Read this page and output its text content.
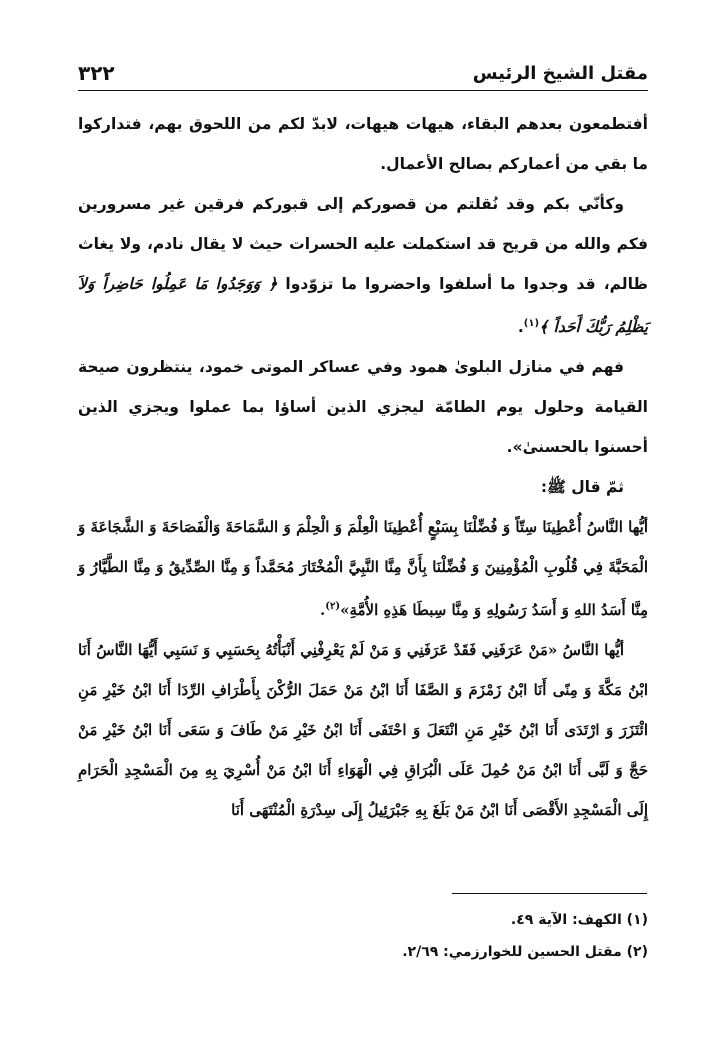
مقتل الشيخ الرئيس
٣٢٢

أفتطمعون بعدهم البقاء، هيهات هيهات، لابدّ لكم من اللحوق بهم، فتداركوا ما بقي من أعماركم بصالح الأعمال.

وكأنّي بكم وقد نُقلتم من قصوركم إلى قبوركم فرقين غير مسرورين فكم والله من قريح قد استكملت عليه الحسرات حيث لا يقال نادم، ولا يغاث ظالم، قد وجدوا ما أسلفوا واحضروا ما تزوّدوا ﴿ وَوَجَدُوا مَا عَمِلُوا حَاضِراً وَلاَ يَظْلِمُ رَبُّكَ أَحَداً ﴾$^{(١)}$.

فهم في منازل البلوىٰ همود وفي عساكر الموتى خمود، ينتظرون صيحة القيامة وحلول يوم الطامّة ليجزي الذين أساؤا بما عملوا ويجزي الذين أحسنوا بالحسنىٰ».

ثمّ قال ﷺ:

أيُّها النَّاسُ أُعْطِينَا سِتّاً وَ فُضِّلْنَا بِسَبْعٍ أُعْطِينَا الْعِلْمَ وَ الْحِلْمَ وَ السَّمَاحَةَ وَالْفَصَاحَةَ وَ الشَّجَاعَةَ وَ الْمَحَبَّةَ فِي قُلُوبِ الْمُؤْمِنِينَ وَ فُضِّلْنَا بِأَنَّ مِنَّا النَّبِيَّ الْمُخْتَارَ مُحَمَّداً وَ مِنَّا الصِّدِّيقُ وَ مِنَّا الطَّيَّارُ وَ مِنَّا أَسَدُ اللهِ وَ أَسَدُ رَسُولِهِ وَ مِنَّا سِبطَا هَذِهِ الأُمَّةِ»$^{(٢)}$.

أيُّها النَّاسُ «مَنْ عَرَفَنِي فَقَدْ عَرَفَنِي وَ مَنْ لَمْ يَعْرِفْنِي أَنْبَأْتُهُ بِحَسَبِي وَ نَسَبِي أَيُّهَا النَّاسُ أَنَا ابْنُ مَكَّةَ وَ مِنًى أَنَا ابْنُ زَمْزَمَ وَ الصَّفَا أَنَا ابْنُ مَنْ حَمَلَ الرُّكْنَ بِأَطْرَافِ الرِّدَا أَنَا ابْنُ خَيْرِ مَنِ ائْتَزَرَ وَ ارْتَدَى أَنَا ابْنُ خَيْرِ مَنِ انْتَعَلَ وَ احْتَفَى أَنَا ابْنُ خَيْرِ مَنْ طَافَ وَ سَعَى أَنَا ابْنُ خَيْرِ مَنْ حَجَّ وَ لَبَّى أَنَا ابْنُ مَنْ حُمِلَ عَلَى الْبُرَاقِ فِي الْهَوَاءِ أَنَا ابْنُ مَنْ أُسْرِيَ بِهِ مِنَ الْمَسْجِدِ الْحَرَامِ إِلَى الْمَسْجِدِ الأَقْصَى أَنَا ابْنُ مَنْ بَلَغَ بِهِ جَبْرَئِيلُ إِلَى سِدْرَةِ الْمُنْتَهَى أَنَا

(١) الكهف: الآية ٤٩.

(٢) مقتل الحسين للخوارزمي: ٢/٦٩.
